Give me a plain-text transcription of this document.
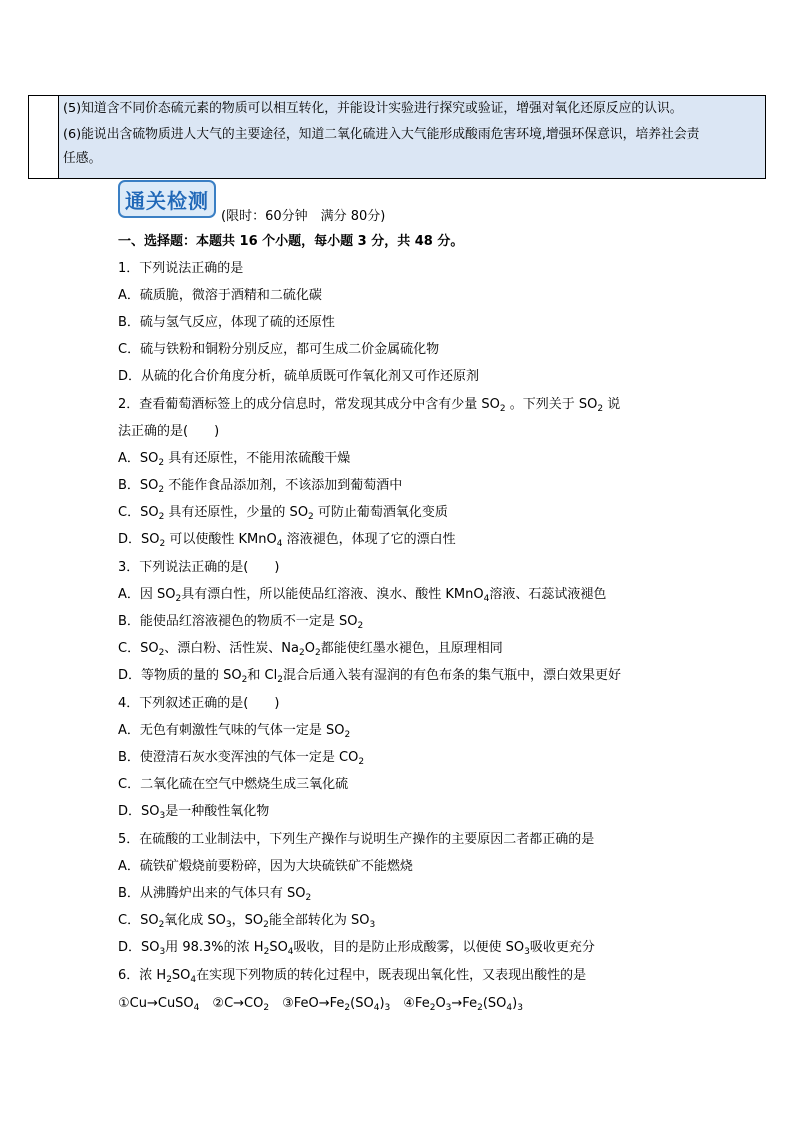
(5)知道含不同价态硫元素的物质可以相互转化，并能设计实验进行探究或验证，增强对氧化还原反应的认识。
(6)能说出含硫物质进人大气的主要途径，知道二氧化硫进入大气能形成酸雨危害环境,增强环保意识，培养社会责
任感。
通关检测
(限时：60分钟　满分 80分)
一、选择题：本题共 16 个小题，每小题 3 分，共 48 分。
1．下列说法正确的是
A．硫质脆，微溶于酒精和二硫化碳
B．硫与氢气反应，体现了硫的还原性
C．硫与铁粉和铜粉分别反应，都可生成二价金属硫化物
D．从硫的化合价角度分析，硫单质既可作氧化剂又可作还原剂
2．查看葡萄酒标签上的成分信息时，常发现其成分中含有少量 $SO_2$ 。下列关于 $SO_2$ 说
法正确的是(　　)
A．$SO_2$ 具有还原性，不能用浓硫酸干燥
B．$SO_2$ 不能作食品添加剂，不该添加到葡萄酒中
C．$SO_2$ 具有还原性，少量的 $SO_2$ 可防止葡萄酒氧化变质
D．$SO_2$ 可以使酸性 KMnO$_4$ 溶液褪色，体现了它的漂白性
3．下列说法正确的是(　　)
A．因 $SO_2$具有漂白性，所以能使品红溶液、溴水、酸性 KMnO$_4$溶液、石蕊试液褪色
B．能使品红溶液褪色的物质不一定是 $SO_2$
C．$SO_2$、漂白粉、活性炭、$Na_2O_2$都能使红墨水褪色，且原理相同
D．等物质的量的 $SO_2$和 $Cl_2$混合后通入装有湿润的有色布条的集气瓶中，漂白效果更好
4．下列叙述正确的是(　　)
A．无色有刺激性气味的气体一定是 $SO_2$
B．使澄清石灰水变浑浊的气体一定是 $CO_2$
C．二氧化硫在空气中燃烧生成三氧化硫
D．$SO_3$是一种酸性氧化物
5．在硫酸的工业制法中，下列生产操作与说明生产操作的主要原因二者都正确的是
A．硫铁矿煅烧前要粉碎，因为大块硫铁矿不能燃烧
B．从沸腾炉出来的气体只有 $SO_2$
C．$SO_2$氧化成 $SO_3$，$SO_2$能全部转化为 $SO_3$
D．$SO_3$用 98.3%的浓 $H_2SO_4$吸收，目的是防止形成酸雾，以便使 $SO_3$吸收更充分
6．浓 $H_2SO_4$在实现下列物质的转化过程中，既表现出氧化性，又表现出酸性的是
①Cu→CuSO$_4$　 $②C\to CO_2$　 $③FeO\to Fe_2(SO_4)_3$　 $④Fe_2O_3\to Fe_2(SO_4)_3$
